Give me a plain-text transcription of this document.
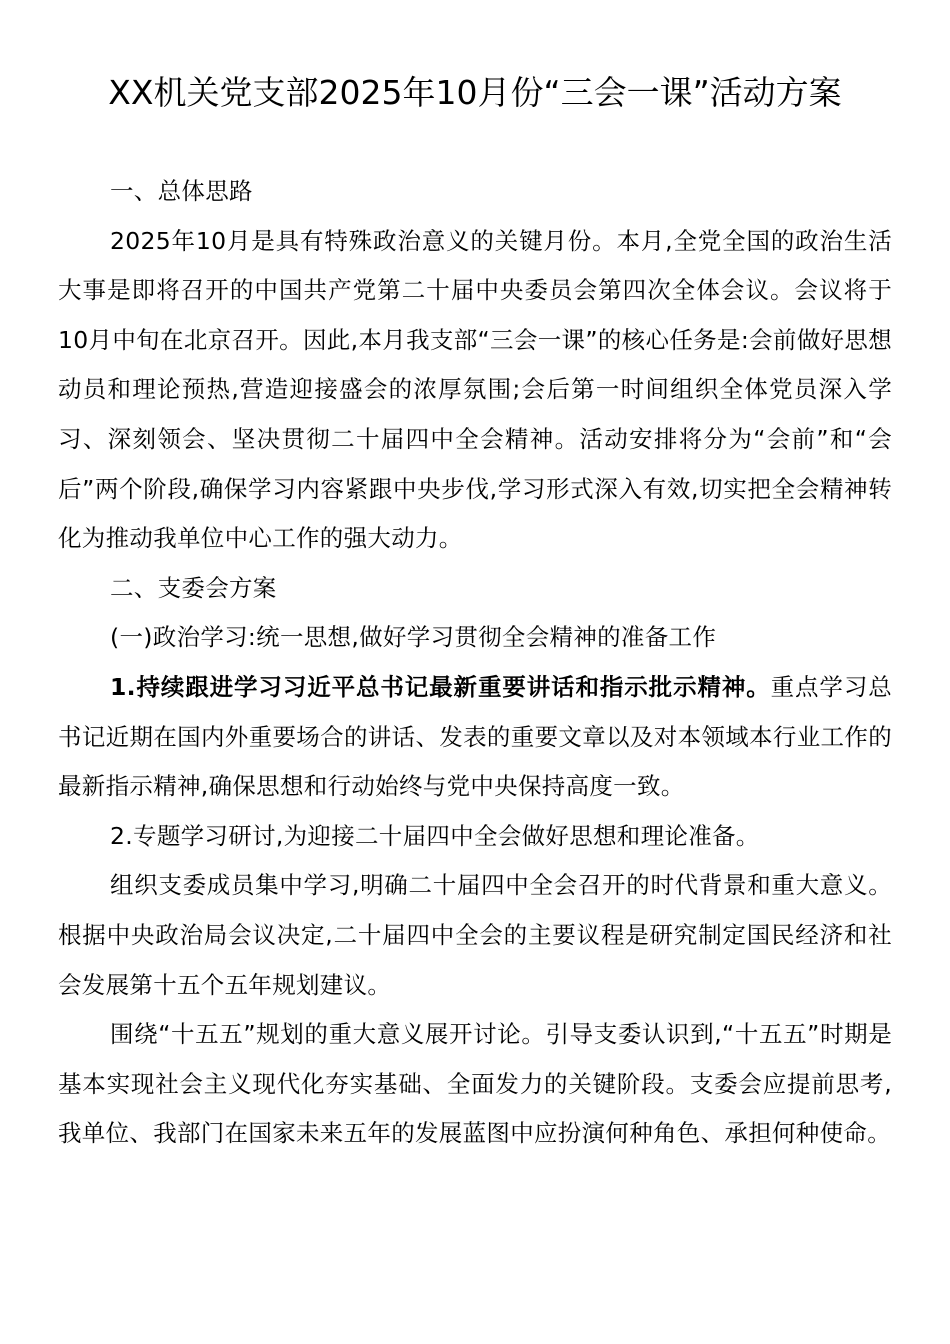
XX机关党支部2025年10月份“三会一课”活动方案

一、总体思路

2025年10月是具有特殊政治意义的关键月份。本月,全党全国的政治生活大事是即将召开的中国共产党第二十届中央委员会第四次全体会议。会议将于10月中旬在北京召开。因此,本月我支部“三会一课”的核心任务是:会前做好思想动员和理论预热,营造迎接盛会的浓厚氛围;会后第一时间组织全体党员深入学习、深刻领会、坚决贯彻二十届四中全会精神。活动安排将分为“会前”和“会后”两个阶段,确保学习内容紧跟中央步伐,学习形式深入有效,切实把全会精神转化为推动我单位中心工作的强大动力。

二、支委会方案

(一)政治学习:统一思想,做好学习贯彻全会精神的准备工作

1.持续跟进学习习近平总书记最新重要讲话和指示批示精神。重点学习总书记近期在国内外重要场合的讲话、发表的重要文章以及对本领域本行业工作的最新指示精神,确保思想和行动始终与党中央保持高度一致。

2.专题学习研讨,为迎接二十届四中全会做好思想和理论准备。

组织支委成员集中学习,明确二十届四中全会召开的时代背景和重大意义。根据中央政治局会议决定,二十届四中全会的主要议程是研究制定国民经济和社会发展第十五个五年规划建议。

围绕“十五五”规划的重大意义展开讨论。引导支委认识到,“十五五”时期是基本实现社会主义现代化夯实基础、全面发力的关键阶段。支委会应提前思考,我单位、我部门在国家未来五年的发展蓝图中应扮演何种角色、承担何种使命。
